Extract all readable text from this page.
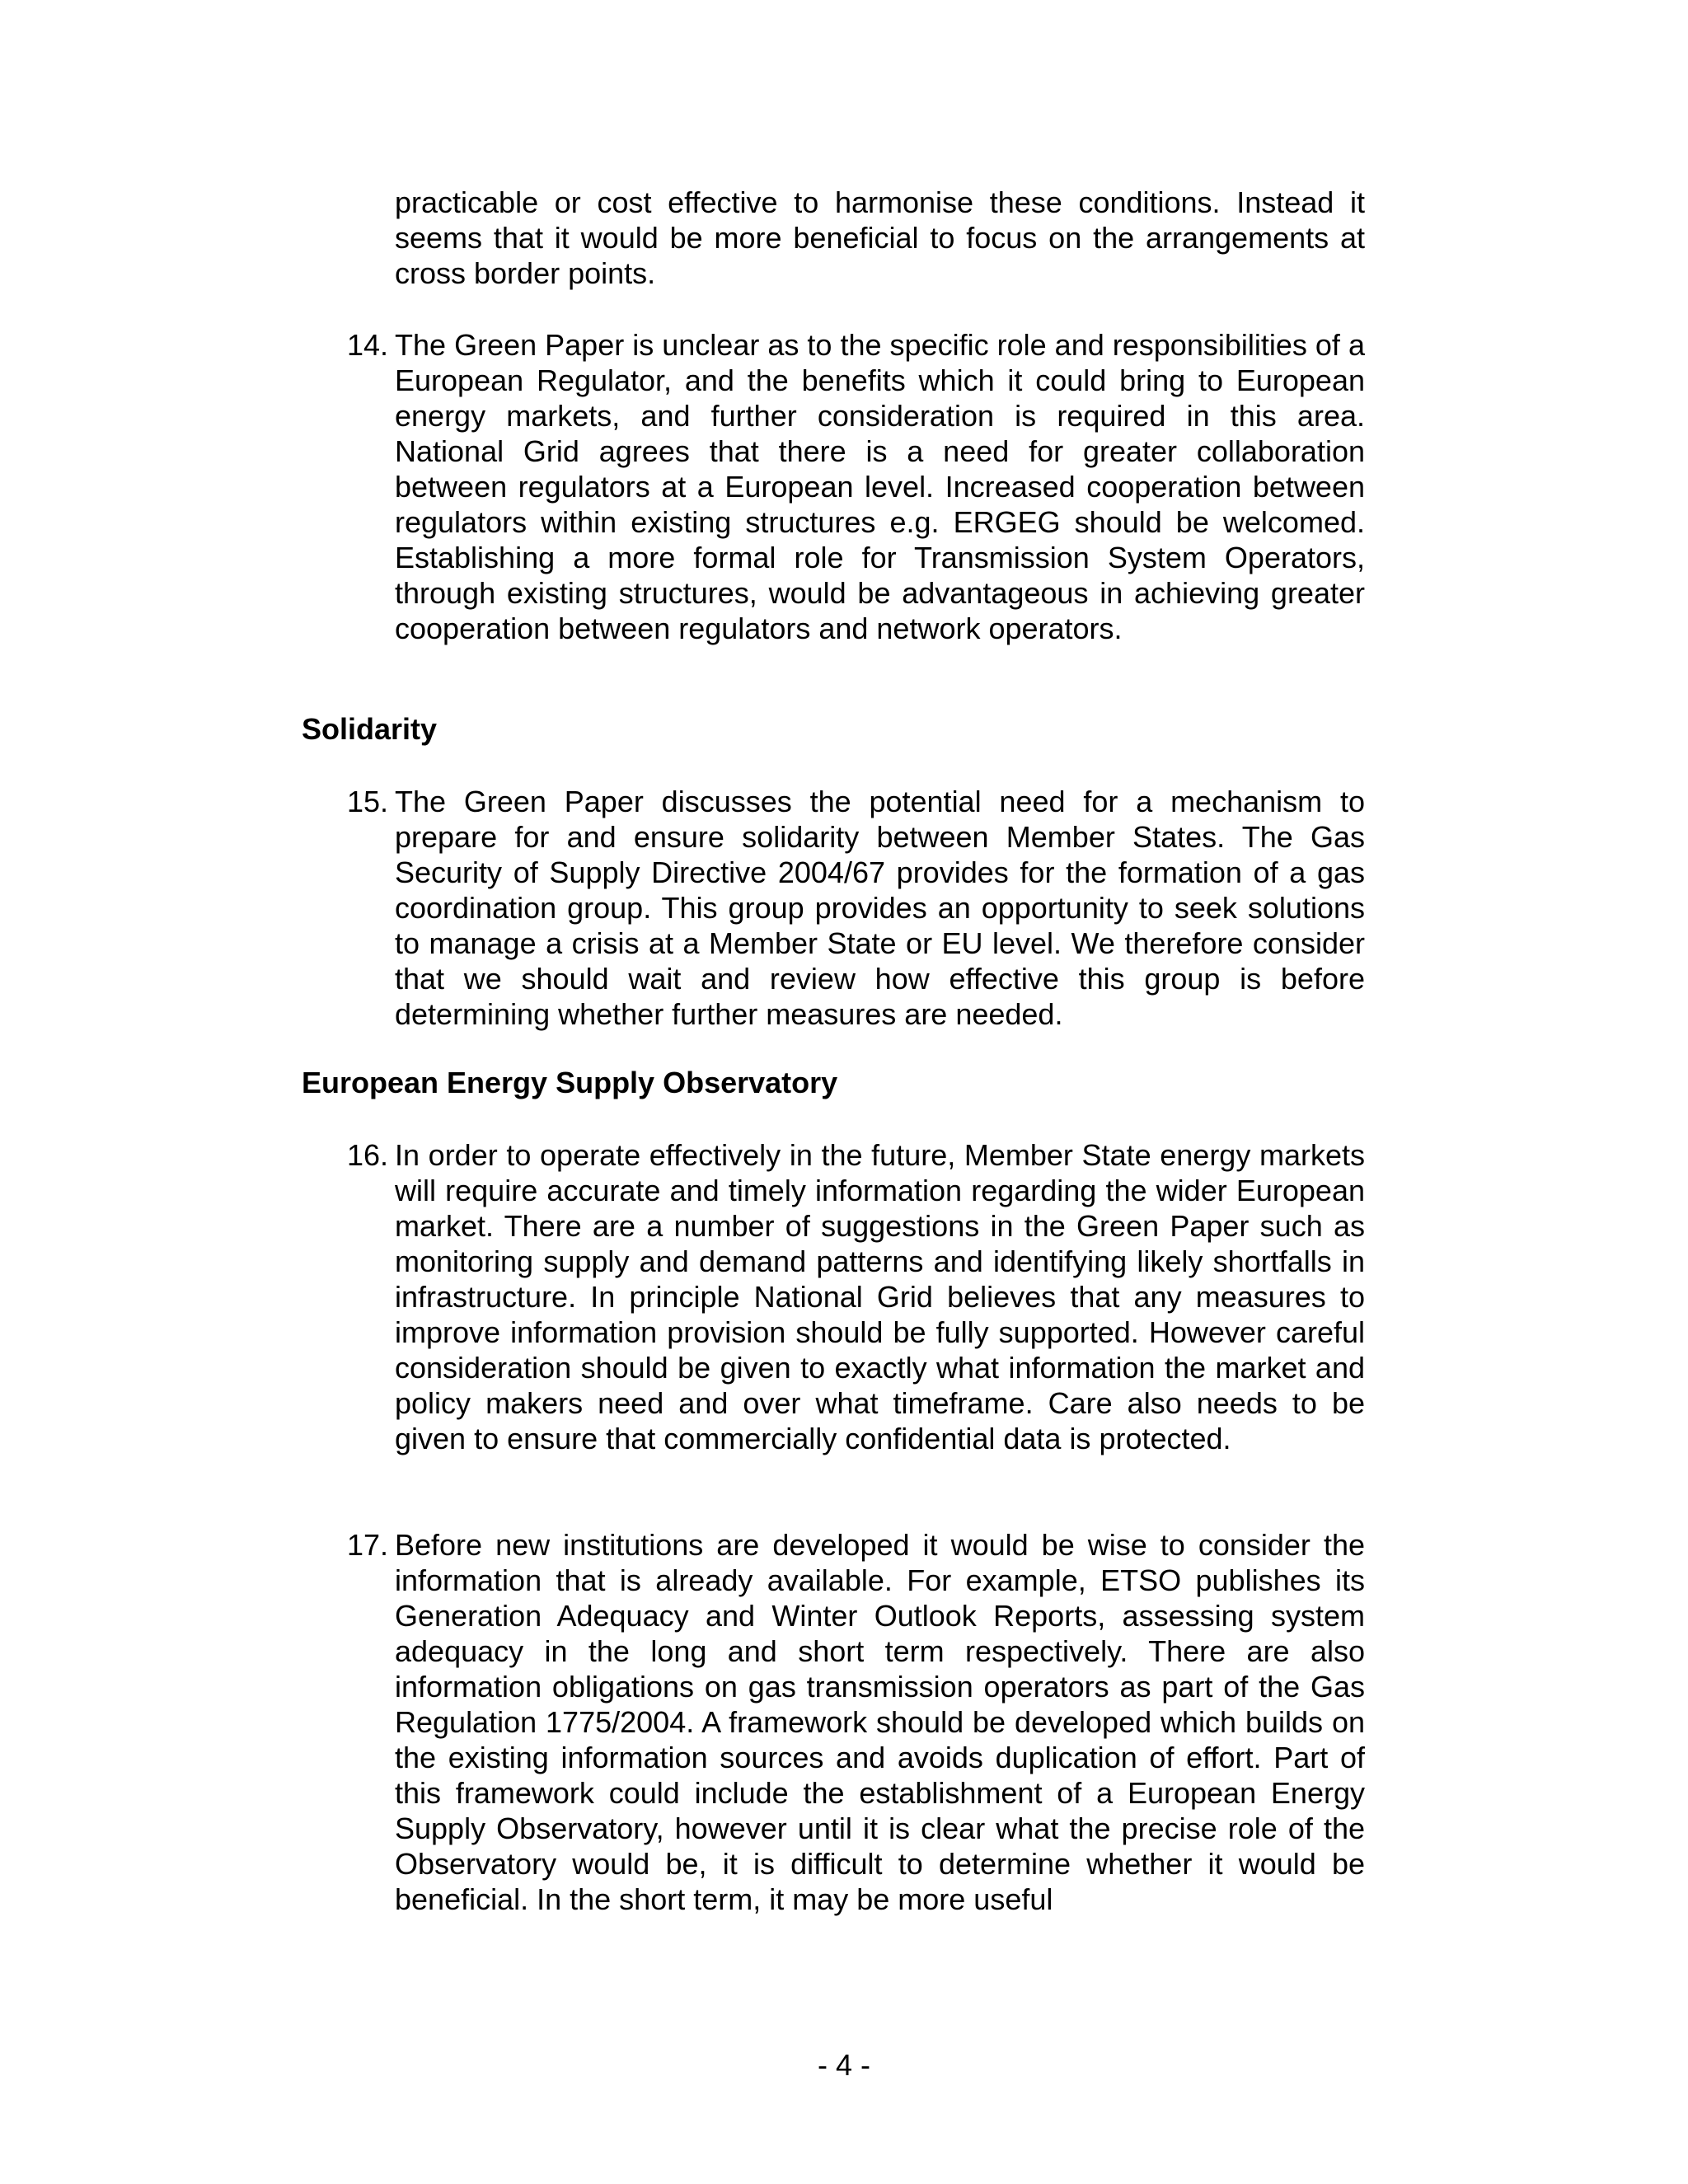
practicable or cost effective to harmonise these conditions. Instead it seems that it would be more beneficial to focus on the arrangements at cross border points.

14. The Green Paper is unclear as to the specific role and responsibilities of a European Regulator, and the benefits which it could bring to European energy markets, and further consideration is required in this area. National Grid agrees that there is a need for greater collaboration between regulators at a European level. Increased cooperation between regulators within existing structures e.g. ERGEG should be welcomed. Establishing a more formal role for Transmission System Operators, through existing structures, would be advantageous in achieving greater cooperation between regulators and network operators.
Solidarity
15. The Green Paper discusses the potential need for a mechanism to prepare for and ensure solidarity between Member States. The Gas Security of Supply Directive 2004/67 provides for the formation of a gas coordination group. This group provides an opportunity to seek solutions to manage a crisis at a Member State or EU level. We therefore consider that we should wait and review how effective this group is before determining whether further measures are needed.
European Energy Supply Observatory
16. In order to operate effectively in the future, Member State energy markets will require accurate and timely information regarding the wider European market. There are a number of suggestions in the Green Paper such as monitoring supply and demand patterns and identifying likely shortfalls in infrastructure. In principle National Grid believes that any measures to improve information provision should be fully supported. However careful consideration should be given to exactly what information the market and policy makers need and over what timeframe. Care also needs to be given to ensure that commercially confidential data is protected.
17. Before new institutions are developed it would be wise to consider the information that is already available. For example, ETSO publishes its Generation Adequacy and Winter Outlook Reports, assessing system adequacy in the long and short term respectively. There are also information obligations on gas transmission operators as part of the Gas Regulation 1775/2004. A framework should be developed which builds on the existing information sources and avoids duplication of effort. Part of this framework could include the establishment of a European Energy Supply Observatory, however until it is clear what the precise role of the Observatory would be, it is difficult to determine whether it would be beneficial. In the short term, it may be more useful
- 4 -
